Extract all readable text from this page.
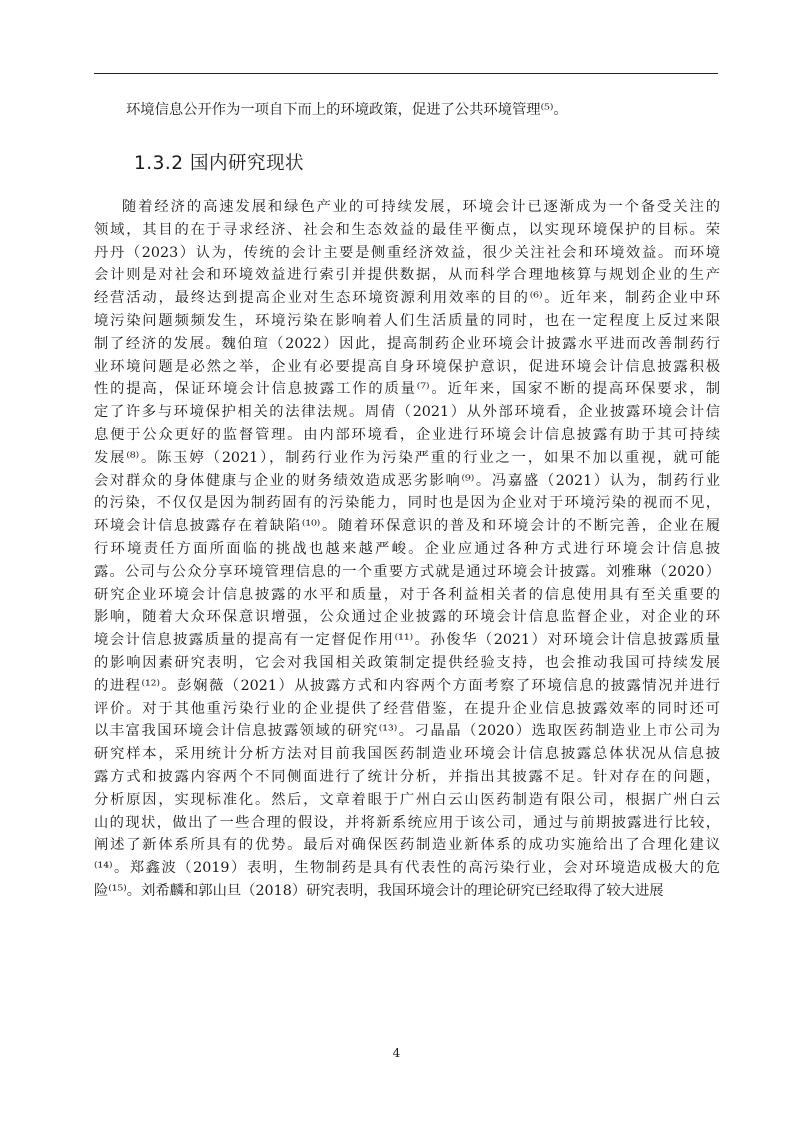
环境信息公开作为一项自下而上的环境政策，促进了公共环境管理⁽⁵⁾。
1.3.2 国内研究现状
随着经济的高速发展和绿色产业的可持续发展，环境会计已逐渐成为一个备受关注的
领域，其目的在于寻求经济、社会和生态效益的最佳平衡点，以实现环境保护的目标。荣
丹丹（2023）认为，传统的会计主要是侧重经济效益，很少关注社会和环境效益。而环境
会计则是对社会和环境效益进行索引并提供数据，从而科学合理地核算与规划企业的生产
经营活动，最终达到提高企业对生态环境资源利用效率的目的⁽⁶⁾。近年来，制药企业中环
境污染问题频频发生，环境污染在影响着人们生活质量的同时，也在一定程度上反过来限
制了经济的发展。魏伯瑄（2022）因此，提高制药企业环境会计披露水平进而改善制药行
业环境问题是必然之举，企业有必要提高自身环境保护意识，促进环境会计信息披露积极
性的提高，保证环境会计信息披露工作的质量⁽⁷⁾。近年来，国家不断的提高环保要求，制
定了许多与环境保护相关的法律法规。周倩（2021）从外部环境看，企业披露环境会计信
息便于公众更好的监督管理。由内部环境看，企业进行环境会计信息披露有助于其可持续
发展⁽⁸⁾。陈玉婷（2021），制药行业作为污染严重的行业之一，如果不加以重视，就可能
会对群众的身体健康与企业的财务绩效造成恶劣影响⁽⁹⁾。冯嘉盛（2021）认为，制药行业
的污染，不仅仅是因为制药固有的污染能力，同时也是因为企业对于环境污染的视而不见，
环境会计信息披露存在着缺陷⁽¹⁰⁾。随着环保意识的普及和环境会计的不断完善，企业在履
行环境责任方面所面临的挑战也越来越严峻。企业应通过各种方式进行环境会计信息披
露。公司与公众分享环境管理信息的一个重要方式就是通过环境会计披露。刘雅琳（2020）
研究企业环境会计信息披露的水平和质量，对于各利益相关者的信息使用具有至关重要的
影响，随着大众环保意识增强，公众通过企业披露的环境会计信息监督企业，对企业的环
境会计信息披露质量的提高有一定督促作用⁽¹¹⁾。孙俊华（2021）对环境会计信息披露质量
的影响因素研究表明，它会对我国相关政策制定提供经验支持，也会推动我国可持续发展
的进程⁽¹²⁾。彭娴薇（2021）从披露方式和内容两个方面考察了环境信息的披露情况并进行
评价。对于其他重污染行业的企业提供了经营借鉴，在提升企业信息披露效率的同时还可
以丰富我国环境会计信息披露领域的研究⁽¹³⁾。刁晶晶（2020）选取医药制造业上市公司为
研究样本，采用统计分析方法对目前我国医药制造业环境会计信息披露总体状况从信息披
露方式和披露内容两个不同侧面进行了统计分析，并指出其披露不足。针对存在的问题，
分析原因，实现标准化。然后，文章着眼于广州白云山医药制造有限公司，根据广州白云
山的现状，做出了一些合理的假设，并将新系统应用于该公司，通过与前期披露进行比较，
阐述了新体系所具有的优势。最后对确保医药制造业新体系的成功实施给出了合理化建议
⁽¹⁴⁾。郑鑫波（2019）表明，生物制药是具有代表性的高污染行业，会对环境造成极大的危
险⁽¹⁵⁾。刘希麟和郭山旦（2018）研究表明，我国环境会计的理论研究已经取得了较大进展
4
